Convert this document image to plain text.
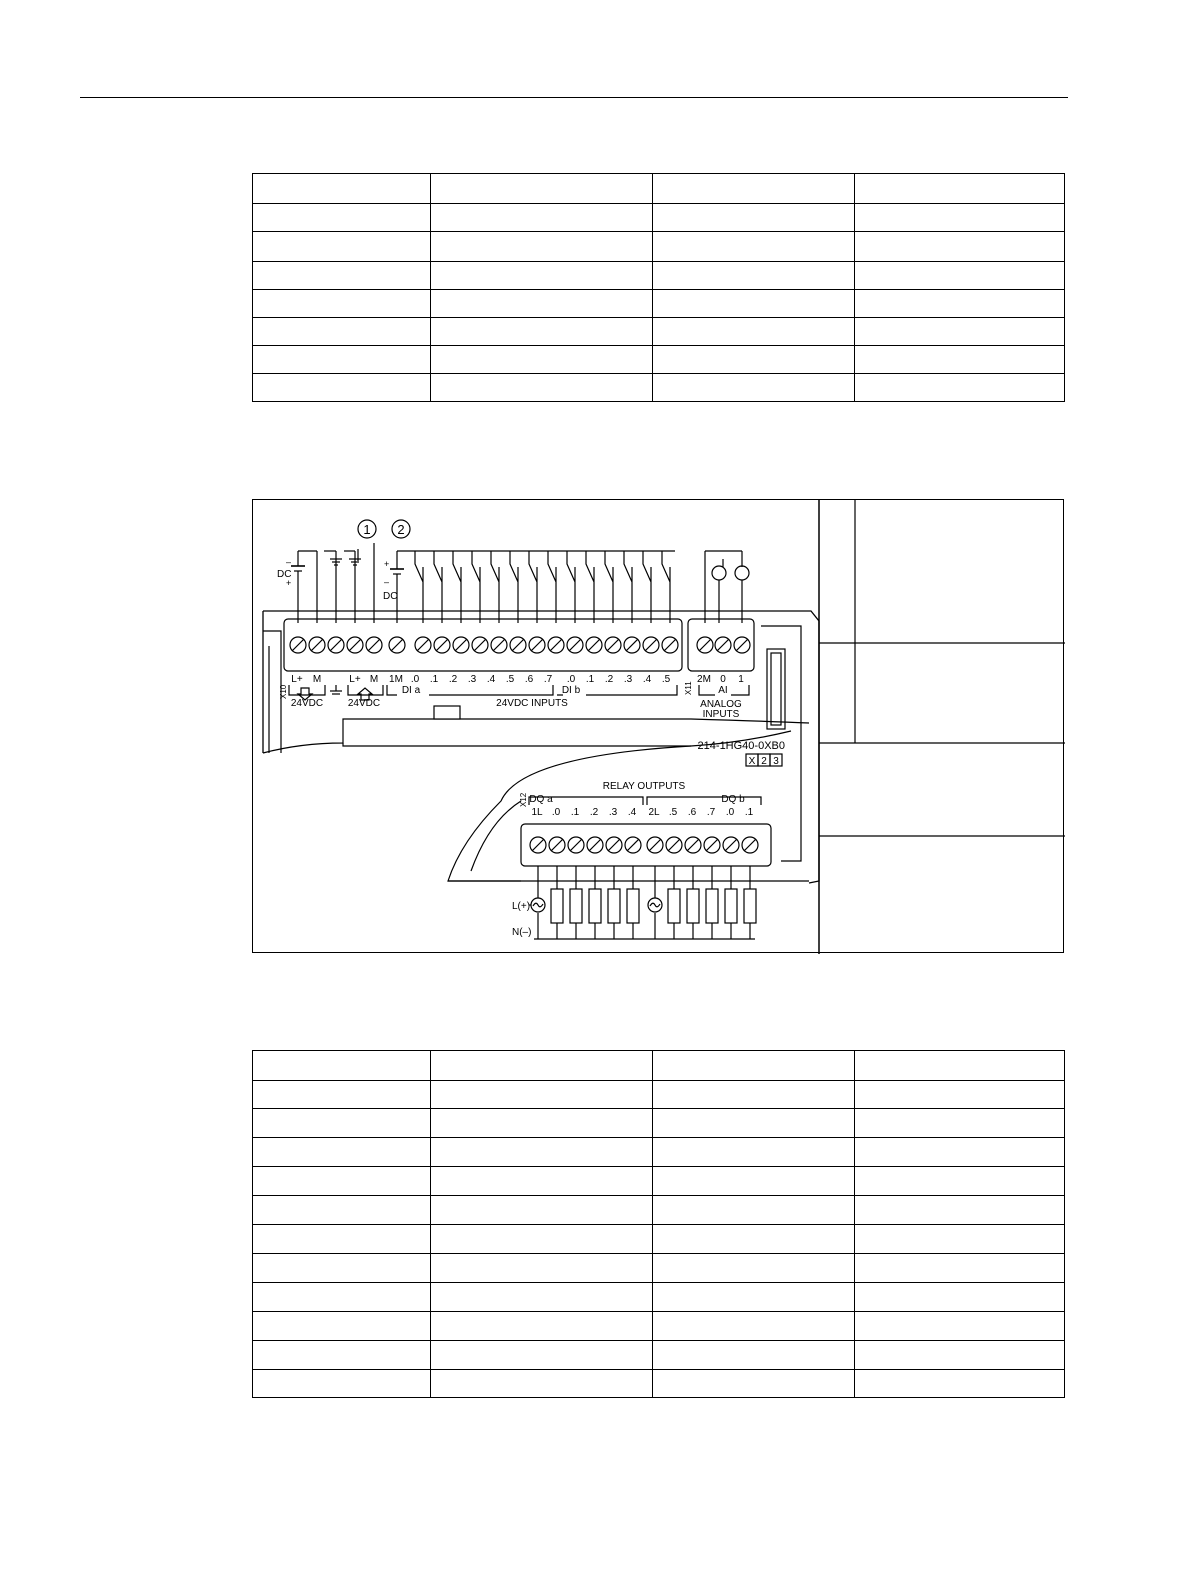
1 2
DC
–
+
+
–
DC
L+ M	L+ M 1M .0 .1 .2 .3 .4 .5 .6 .7 .0 .1 .2 .3 .4 .5	2M 0 1
DI a	DI b
24VDC INPUTS
24VDC 24VDC
AI
ANALOG
INPUTS
X10	X11
214-1HG40-0XB0
X 2 3
RELAY OUTPUTS
DQ a	DQ b
1L .0 .1 .2 .3 .4 2L .5 .6 .7 .0 .1
X12
L(+)
N(–)
